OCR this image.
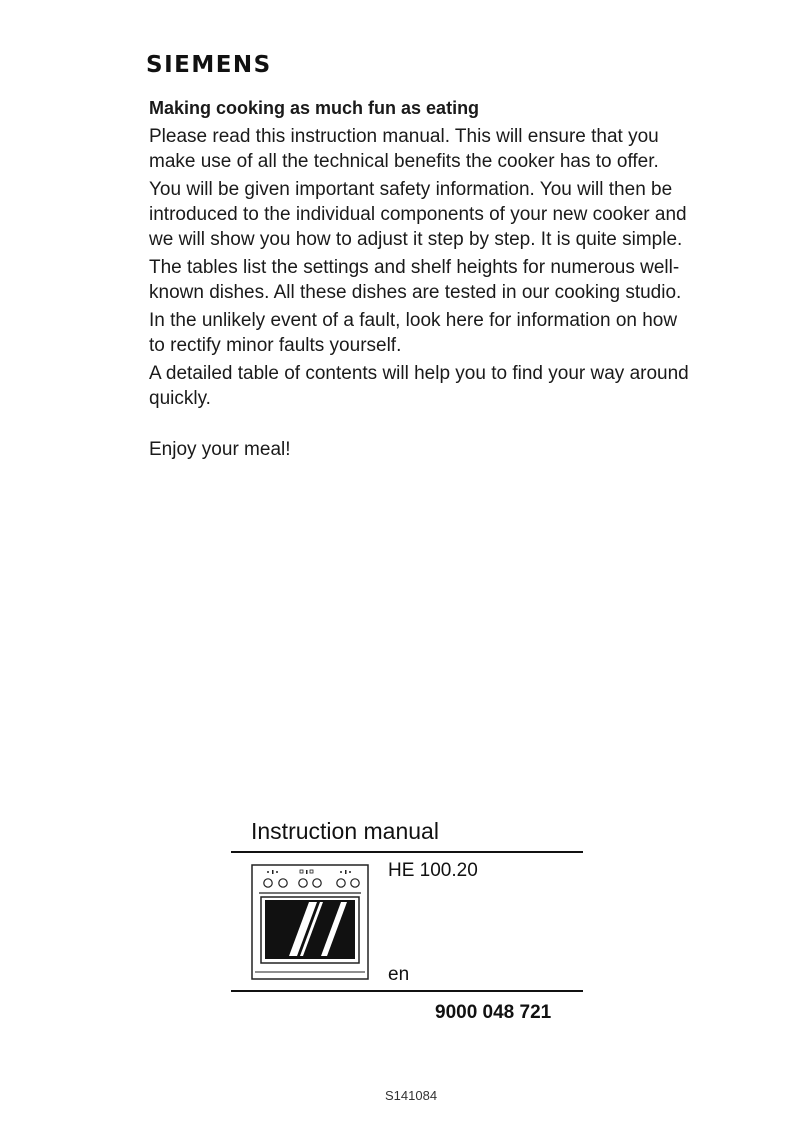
SIEMENS
Making cooking as much fun as eating

Please read this instruction manual. This will ensure that you make use of all the technical benefits the cooker has to offer.

You will be given important safety information. You will then be introduced to the individual components of your new cooker and we will show you how to adjust it step by step. It is quite simple.

The tables list the settings and shelf heights for numerous well-known dishes. All these dishes are tested in our cooking studio.

In the unlikely event of a fault, look here for information on how to rectify minor faults yourself.

A detailed table of contents will help you to find your way around quickly.

Enjoy your meal!

Instruction manual
HE 100.20
en
9000 048 721
S141084
